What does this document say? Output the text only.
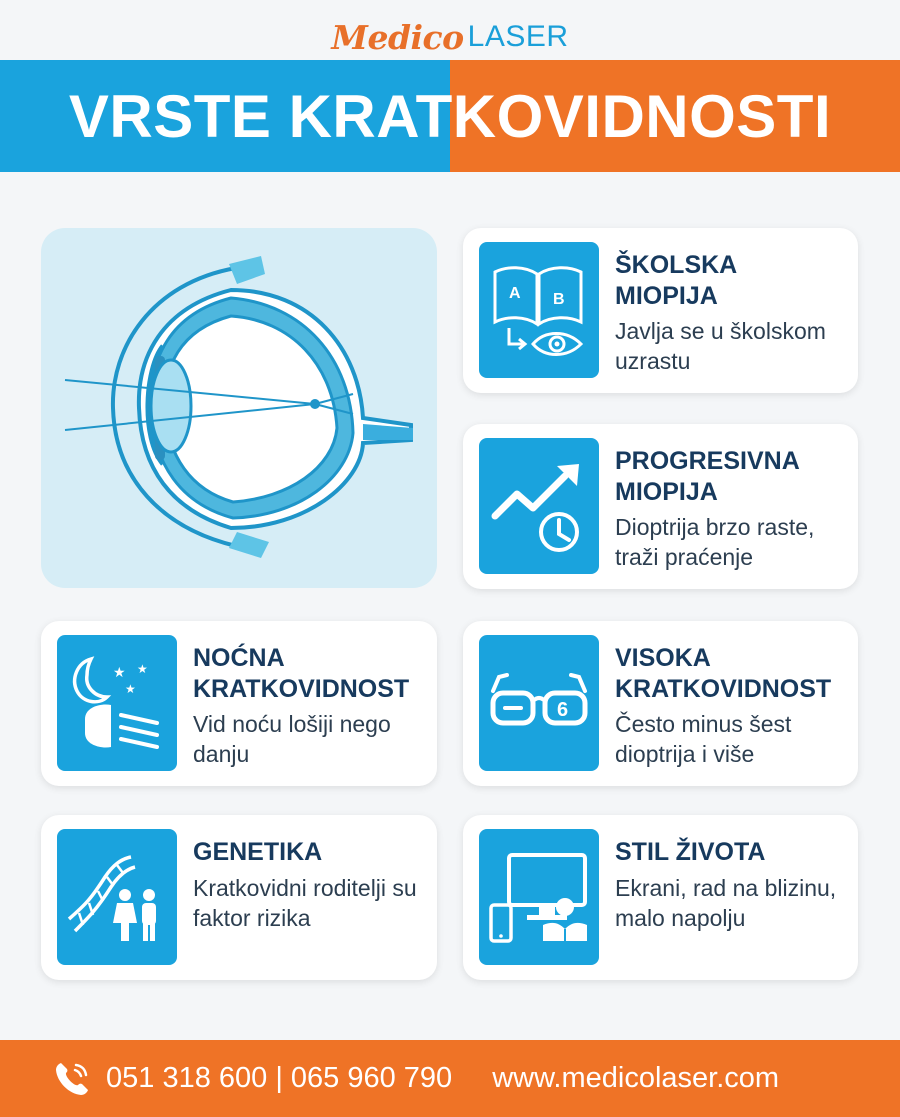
Medico LASER
VRSTE KRATKOVIDNOSTI
A B
ŠKOLSKA MIOPIJA
Javlja se u školskom uzrastu
PROGRESIVNA MIOPIJA
Dioptrija brzo raste, traži praćenje
★ ★
★
NOĆNA KRATKOVIDNOST
Vid noću lošiji nego danju
6
VISOKA KRATKOVIDNOST
Često minus šest dioptrija i više
GENETIKA
Kratkovidni roditelji su faktor rizika
STIL ŽIVOTA
Ekrani, rad na blizinu, malo napolju
051 318 600 | 065 960 790 www.medicolaser.com
